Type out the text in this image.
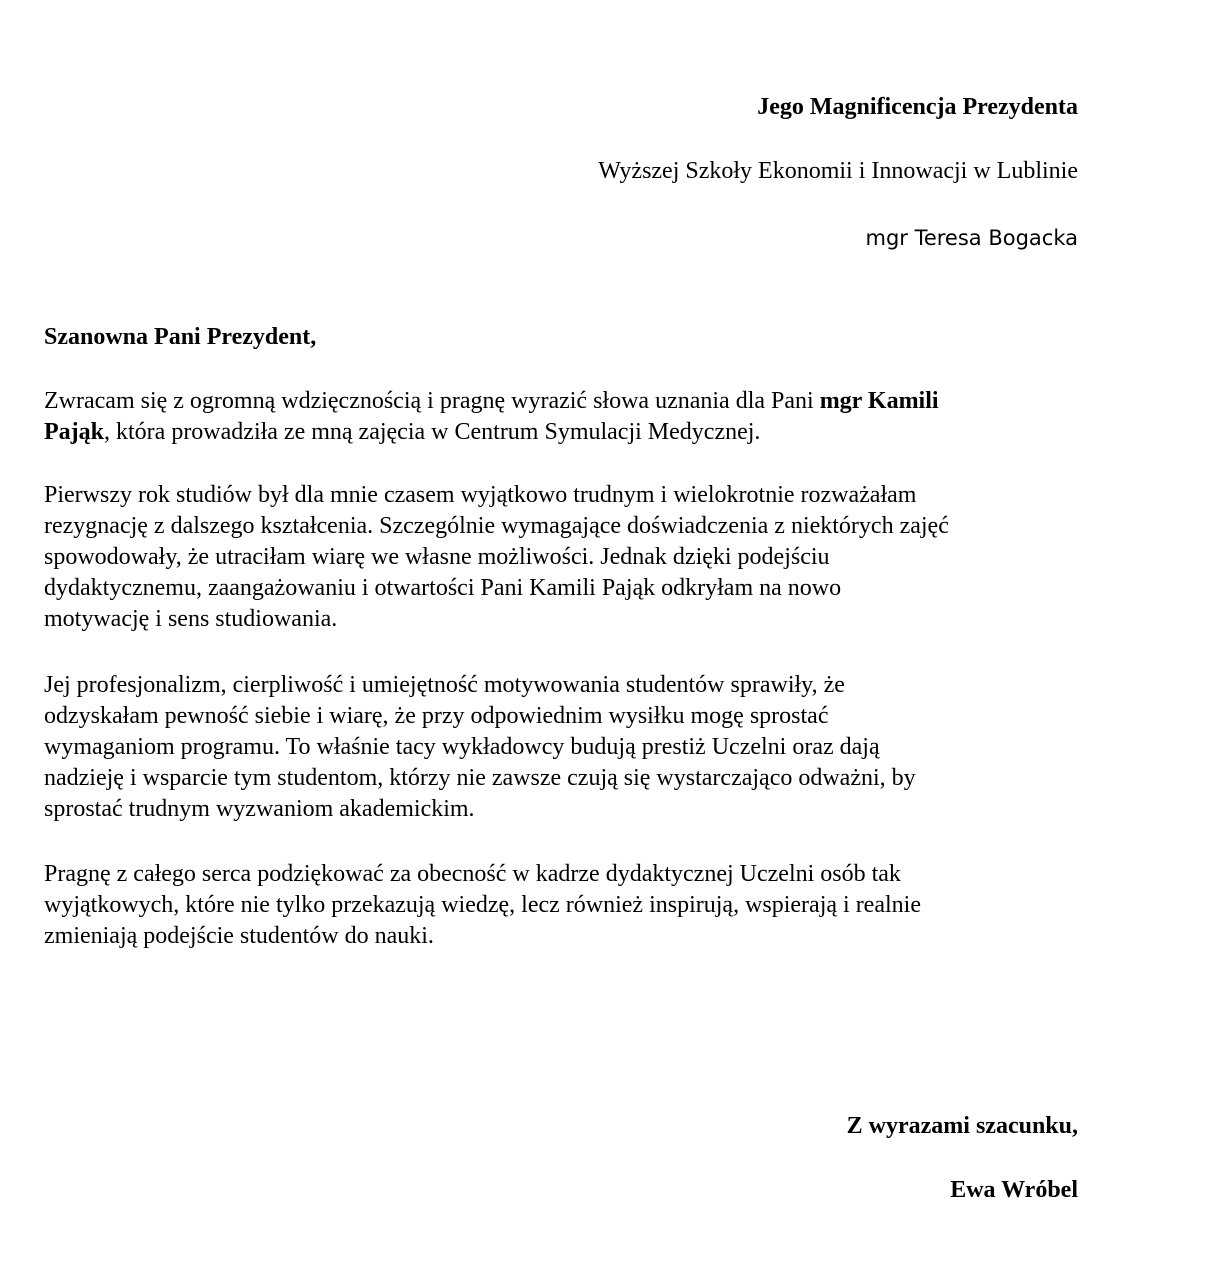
Jego Magnificencja Prezydenta
Wyższej Szkoły Ekonomii i Innowacji w Lublinie
mgr Teresa Bogacka
Szanowna Pani Prezydent,
Zwracam się z ogromną wdzięcznością i pragnę wyrazić słowa uznania dla Pani mgr Kamili
Pająk, która prowadziła ze mną zajęcia w Centrum Symulacji Medycznej.
Pierwszy rok studiów był dla mnie czasem wyjątkowo trudnym i wielokrotnie rozważałam
rezygnację z dalszego kształcenia. Szczególnie wymagające doświadczenia z niektórych zajęć
spowodowały, że utraciłam wiarę we własne możliwości. Jednak dzięki podejściu
dydaktycznemu, zaangażowaniu i otwartości Pani Kamili Pająk odkryłam na nowo
motywację i sens studiowania.
Jej profesjonalizm, cierpliwość i umiejętność motywowania studentów sprawiły, że
odzyskałam pewność siebie i wiarę, że przy odpowiednim wysiłku mogę sprostać
wymaganiom programu. To właśnie tacy wykładowcy budują prestiż Uczelni oraz dają
nadzieję i wsparcie tym studentom, którzy nie zawsze czują się wystarczająco odważni, by
sprostać trudnym wyzwaniom akademickim.
Pragnę z całego serca podziękować za obecność w kadrze dydaktycznej Uczelni osób tak
wyjątkowych, które nie tylko przekazują wiedzę, lecz również inspirują, wspierają i realnie
zmieniają podejście studentów do nauki.
Z wyrazami szacunku,
Ewa Wróbel
